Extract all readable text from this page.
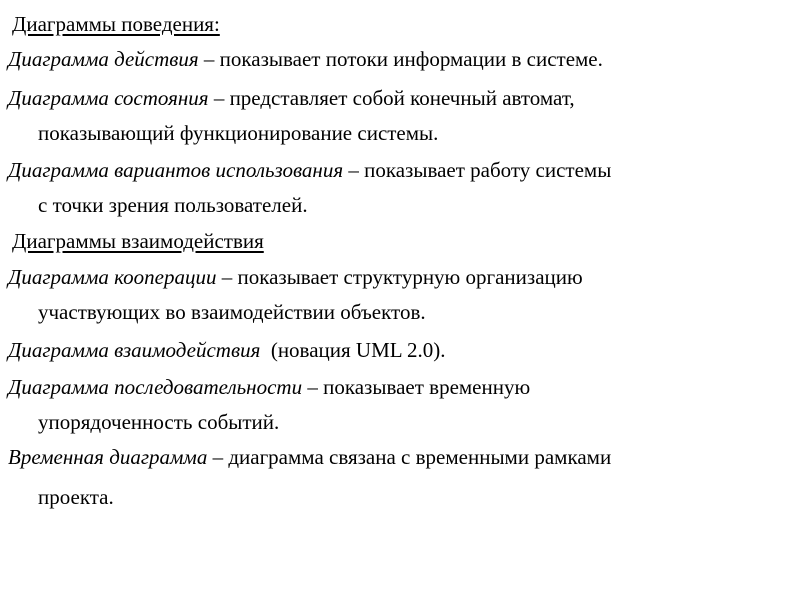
Диаграммы поведения:
Диаграмма действия – показывает потоки информации в системе.
Диаграмма состояния – представляет собой конечный автомат,
показывающий функционирование системы.
Диаграмма вариантов использования – показывает работу системы
с точки зрения пользователей.
Диаграммы взаимодействия
Диаграмма кооперации – показывает структурную организацию
участвующих во взаимодействии объектов.
Диаграмма взаимодействия  (новация UML 2.0).
Диаграмма последовательности – показывает временную
упорядоченность событий.
Временная диаграмма – диаграмма связана с временными рамками
проекта.
